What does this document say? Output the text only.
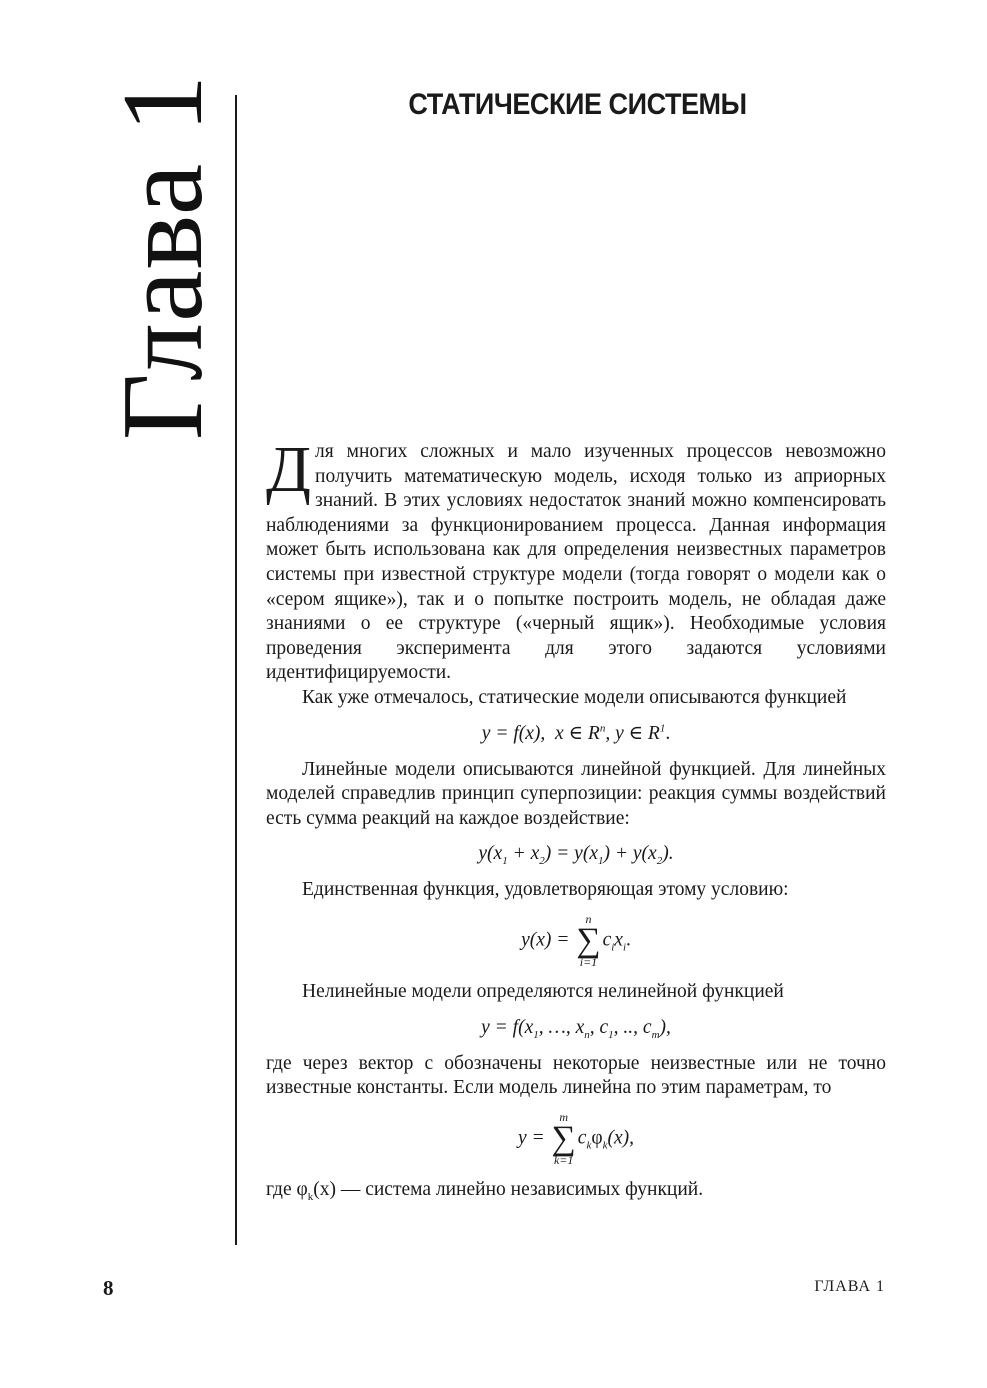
Глава 1	СТАТИЧЕСКИЕ СИСТЕМЫ

Для многих сложных и мало изученных процессов невозможно получить математическую модель, исходя только из априорных знаний. В этих условиях недостаток знаний можно компенсировать наблюдениями за функционированием процесса. Данная информация может быть использована как для определения неизвестных параметров системы при известной структуре модели (тогда говорят о модели как о «сером ящике»), так и о попытке построить модель, не обладая даже знаниями о ее структуре («черный ящик»). Необходимые условия проведения эксперимента для этого задаются условиями идентифицируемости.

Как уже отмечалось, статические модели описываются функцией

y = f(x), x ∈ $R^n$, y ∈ $R^1$.

Линейные модели описываются линейной функцией. Для линейных моделей справедлив принцип суперпозиции: реакция суммы воздействий есть сумма реакций на каждое воздействие:

$y(x_1 + x_2) = y(x_1) + y(x_2)$.

Единственная функция, удовлетворяющая этому условию:

y(x) =
n
∑
i=1
$c_ix_i$.

Нелинейные модели определяются нелинейной функцией

$y = f(x_1$, …, $x_n$, $c_1$, .., $c_m$),

где через вектор c обозначены некоторые неизвестные или не точно известные константы. Если модель линейна по этим параметрам, то

y =
m
∑
k=1
$c_k\varphi_k(x)$,

где $\varphi_k(x)$ — система линейно независимых функций.

8	ГЛАВА 1
